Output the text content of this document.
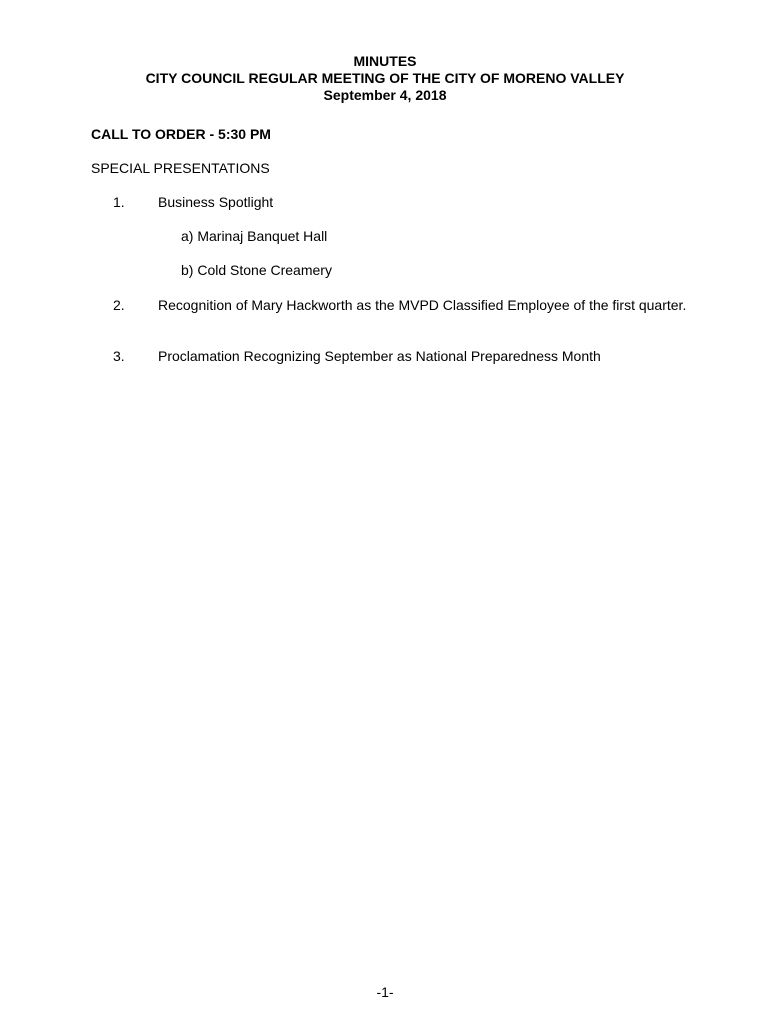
MINUTES
CITY COUNCIL REGULAR MEETING OF THE CITY OF MORENO VALLEY
September 4, 2018
CALL TO ORDER - 5:30 PM
SPECIAL PRESENTATIONS
1. Business Spotlight
a) Marinaj Banquet Hall
b) Cold Stone Creamery
2. Recognition of Mary Hackworth as the MVPD Classified Employee of the first quarter.
3. Proclamation Recognizing September as National Preparedness Month
-1-
